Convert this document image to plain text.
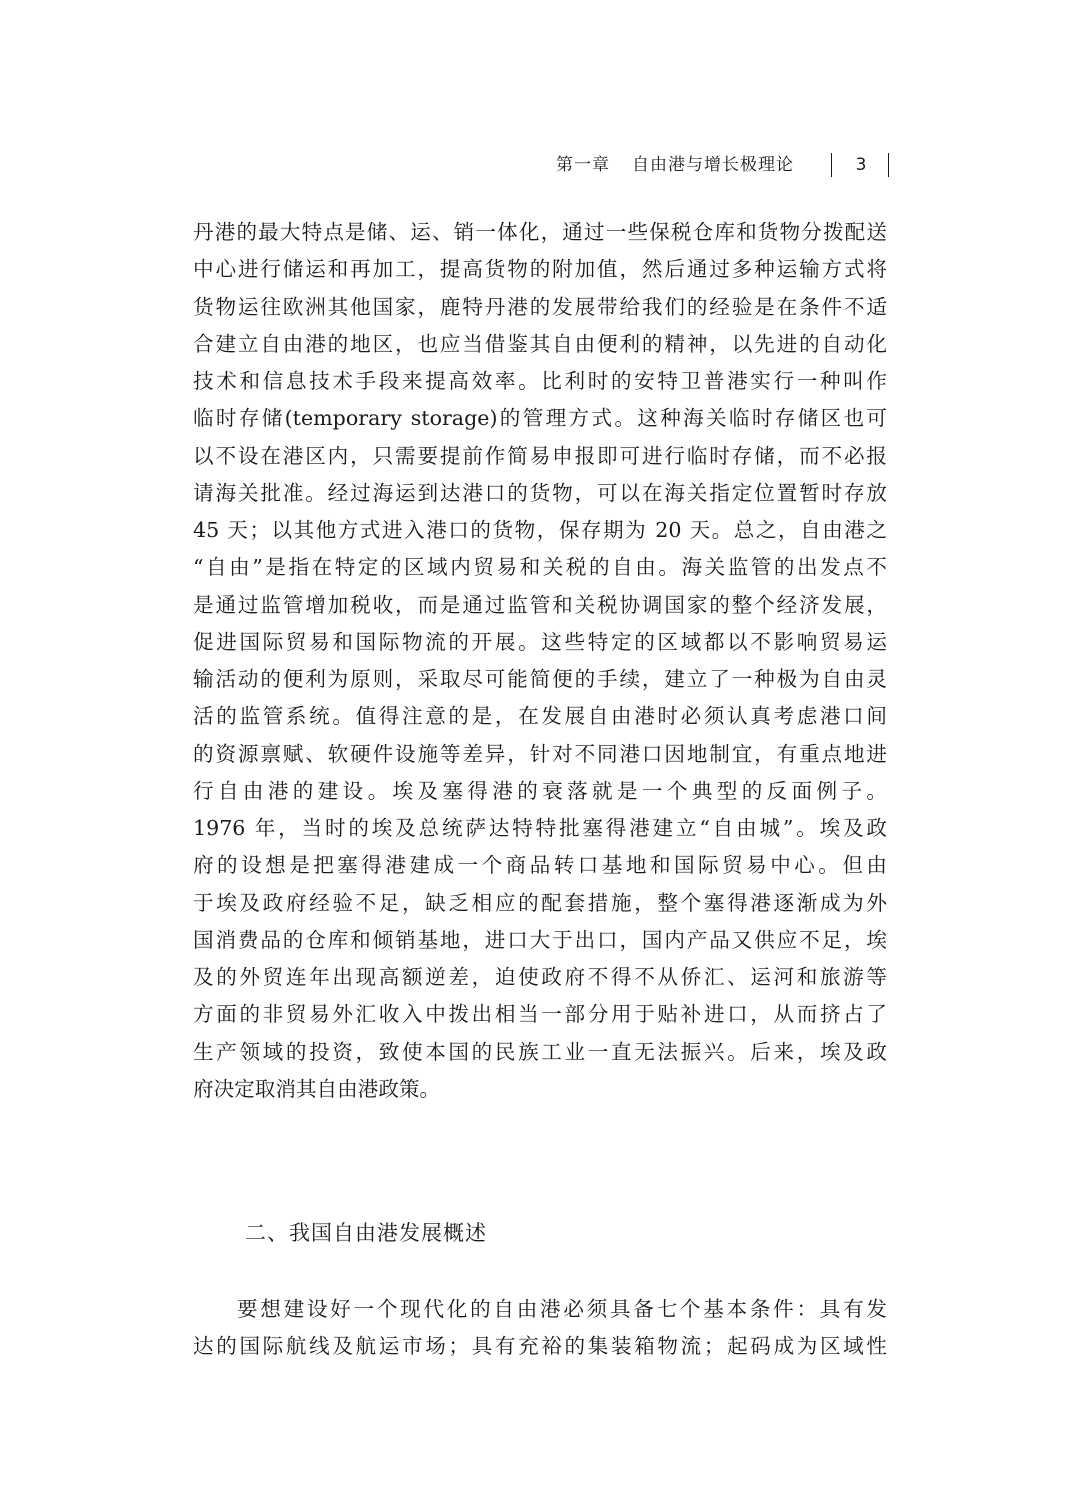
第一章 自由港与增长极理论	3
丹港的最大特点是储、运、销一体化，通过一些保税仓库和货物分拨配送
中心进行储运和再加工，提高货物的附加值，然后通过多种运输方式将
货物运往欧洲其他国家，鹿特丹港的发展带给我们的经验是在条件不适
合建立自由港的地区，也应当借鉴其自由便利的精神，以先进的自动化
技术和信息技术手段来提高效率。比利时的安特卫普港实行一种叫作
临时存储(temporary storage)的管理方式。这种海关临时存储区也可
以不设在港区内，只需要提前作简易申报即可进行临时存储，而不必报
请海关批准。经过海运到达港口的货物，可以在海关指定位置暂时存放
45 天；以其他方式进入港口的货物，保存期为 20 天。总之，自由港之
“自由”是指在特定的区域内贸易和关税的自由。海关监管的出发点不
是通过监管增加税收，而是通过监管和关税协调国家的整个经济发展，
促进国际贸易和国际物流的开展。这些特定的区域都以不影响贸易运
输活动的便利为原则，采取尽可能简便的手续，建立了一种极为自由灵
活的监管系统。值得注意的是，在发展自由港时必须认真考虑港口间
的资源禀赋、软硬件设施等差异，针对不同港口因地制宜，有重点地进
行自由港的建设。埃及塞得港的衰落就是一个典型的反面例子。
1976 年，当时的埃及总统萨达特特批塞得港建立“自由城”。埃及政
府的设想是把塞得港建成一个商品转口基地和国际贸易中心。但由
于埃及政府经验不足，缺乏相应的配套措施，整个塞得港逐渐成为外
国消费品的仓库和倾销基地，进口大于出口，国内产品又供应不足，埃
及的外贸连年出现高额逆差，迫使政府不得不从侨汇、运河和旅游等
方面的非贸易外汇收入中拨出相当一部分用于贴补进口，从而挤占了
生产领域的投资，致使本国的民族工业一直无法振兴。后来，埃及政
府决定取消其自由港政策。
二、我国自由港发展概述
要想建设好一个现代化的自由港必须具备七个基本条件：具有发
达的国际航线及航运市场；具有充裕的集装箱物流；起码成为区域性
